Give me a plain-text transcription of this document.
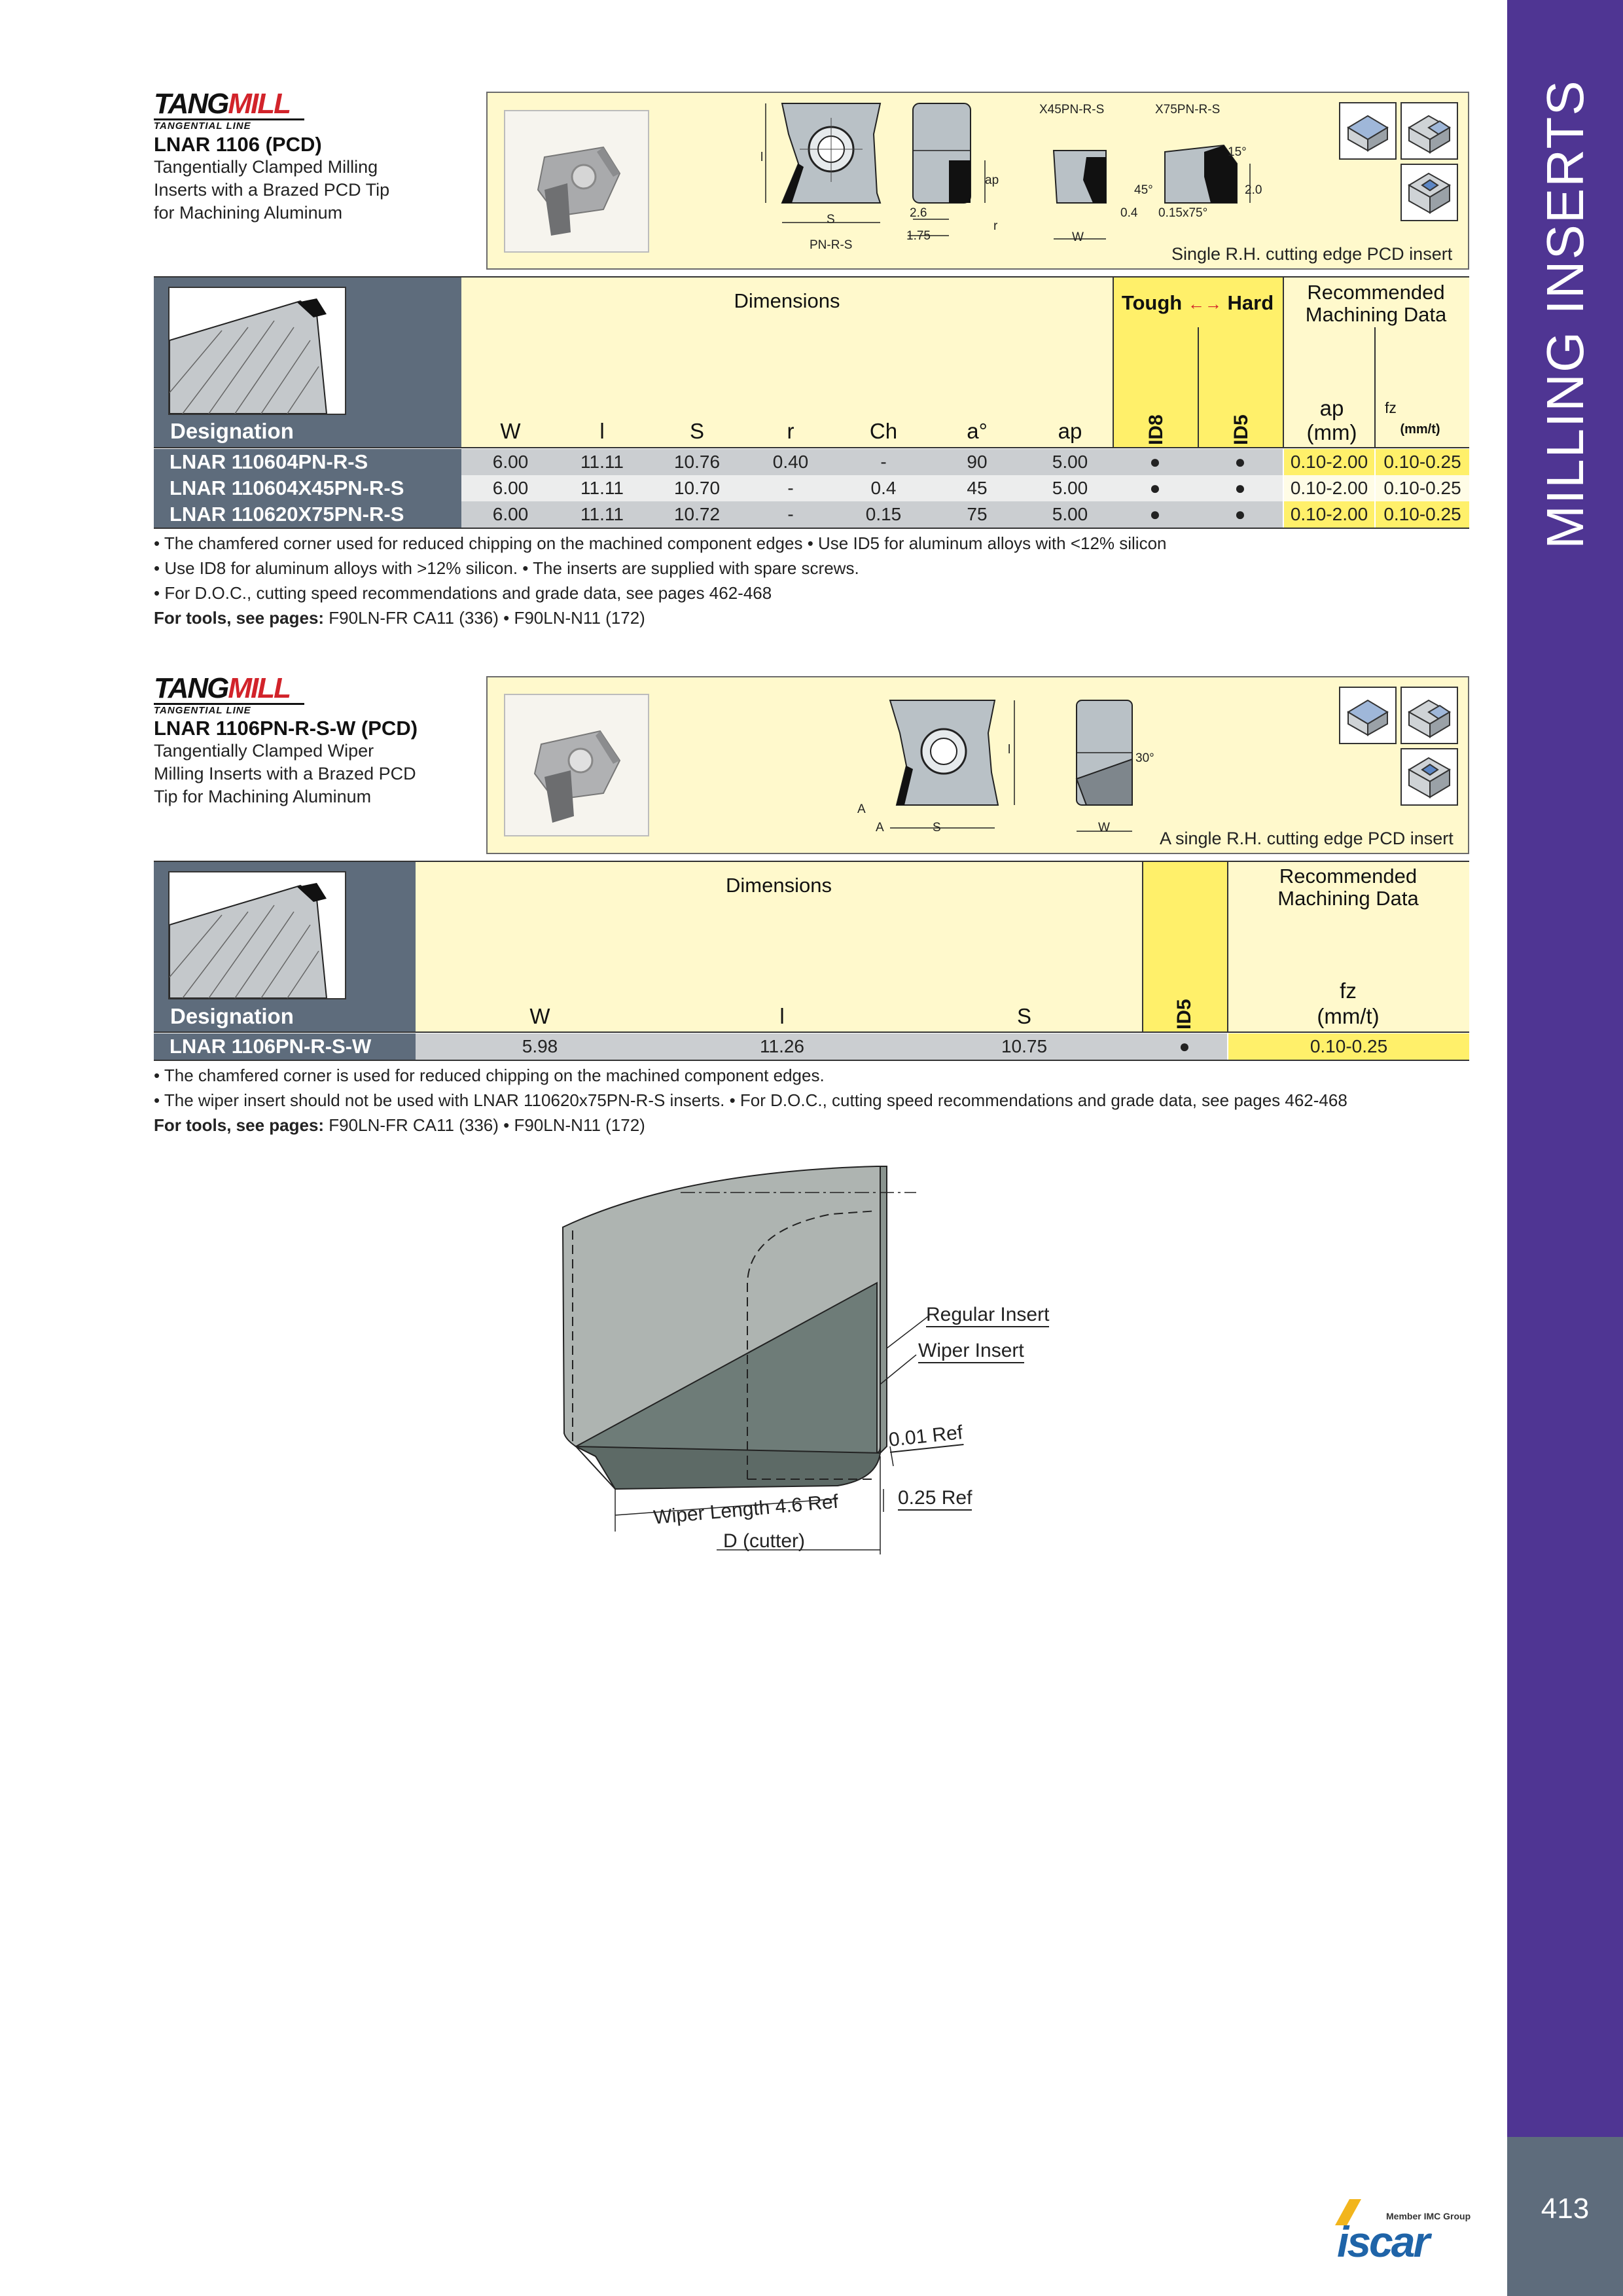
MILLING INSERTS
413
TANGMILL
TANGENTIAL LINE
LNAR 1106 (PCD)
Tangentially Clamped Milling
Inserts with a Brazed PCD Tip
for Machining Aluminum
l
S
PN-R-S
2.6
1.75
ap
r
X45PN-R-S	X75PN-R-S
W
45°
0.4
15°
2.0
0.15x75°
Single R.H. cutting edge PCD insert
Designation
Dimensions	Tough ←→ Hard	Recommended
Machining Data
W	l	S	r	Ch	a°	ap	ID8	ID5
ap
(mm)
fz
(mm/t)
LNAR 110604PN-R-S	6.00	11.11	10.76	0.40	-	90	5.00	●	●	0.10-2.00 0.10-0.25
LNAR 110604X45PN-R-S	6.00	11.11	10.70	-	0.4	45	5.00	●	●	0.10-2.00 0.10-0.25
LNAR 110620X75PN-R-S	6.00	11.11	10.72	-	0.15	75	5.00	●	●	0.10-2.00 0.10-0.25
• The chamfered corner used for reduced chipping on the machined component edges • Use ID5 for aluminum alloys with <12% silicon
• Use ID8 for aluminum alloys with >12% silicon. • The inserts are supplied with spare screws.
• For D.O.C., cutting speed recommendations and grade data, see pages 462-468
For tools, see pages: F90LN-FR CA11 (336) • F90LN-N11 (172)
TANGMILL
TANGENTIAL LINE
LNAR 1106PN-R-S-W (PCD)
Tangentially Clamped Wiper
Milling Inserts with a Brazed PCD
Tip for Machining Aluminum
A
A	S
l
W
30°
A single R.H. cutting edge PCD insert
Designation
Dimensions	Recommended
Machining Data
W	l	S	ID5
fz
(mm/t)
LNAR 1106PN-R-S-W	5.98	11.26	10.75	●	0.10-0.25
• The chamfered corner is used for reduced chipping on the machined component edges.
• The wiper insert should not be used with LNAR 110620x75PN-R-S inserts. • For D.O.C., cutting speed recommendations and grade data, see pages 462-468
For tools, see pages: F90LN-FR CA11 (336) • F90LN-N11 (172)
Regular Insert
Wiper Insert
0.01 Ref
0.25 Ref
Wiper Length 4.6 Ref
D (cutter)
Member IMC Group
iscar
